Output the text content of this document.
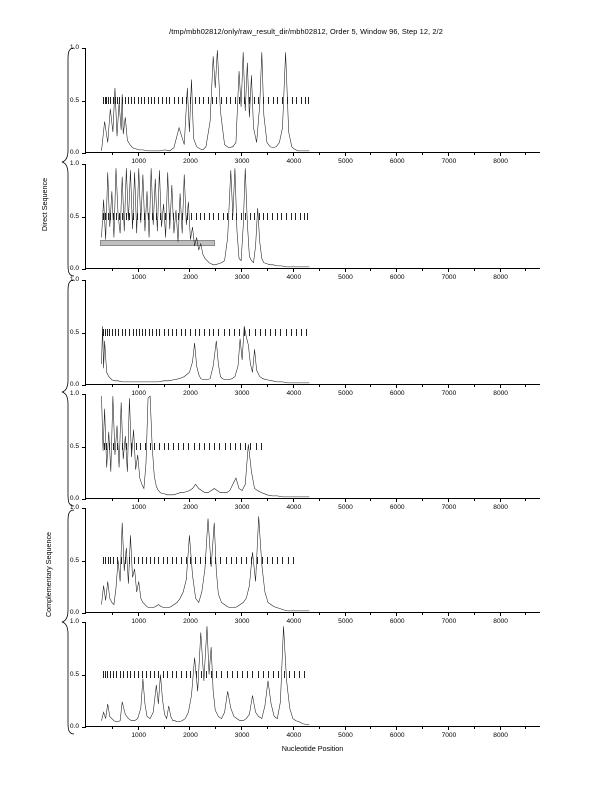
/tmp/mbh02812/only/raw_result_dir/mbh02812, Order 5, Window 96, Step 12, 2/2
0.0
0.5
1.0
1000	2000	3000	4000	5000	6000	7000	8000
0.0
0.5
1.0
1000	2000	3000	4000	5000	6000	7000	8000
0.0
0.5
1.0
1000	2000	3000	4000	5000	6000	7000	8000
0.0
0.5
1.0
1000	2000	3000	4000	5000	6000	7000	8000
0.0
0.5
1.0
1000	2000	3000	4000	5000	6000	7000	8000
0.0
0.5
1.0
1000	2000	3000	4000	5000	6000	7000	8000
Nucleotide Position
Direct Sequence
Complementary Sequence
